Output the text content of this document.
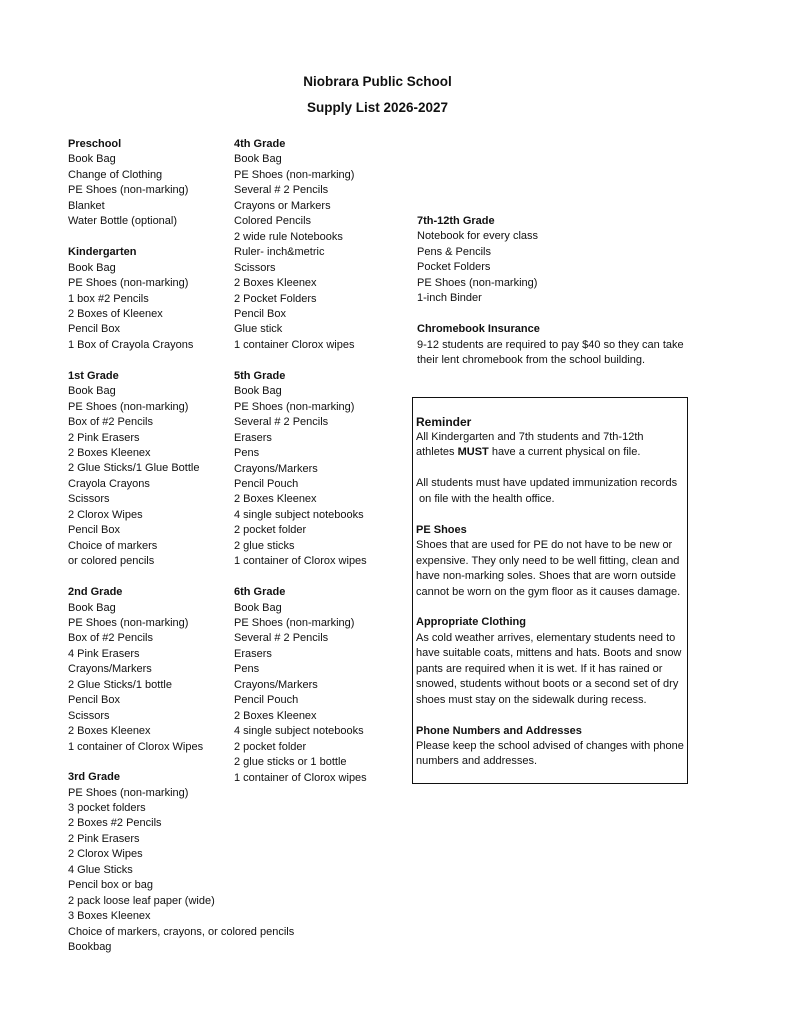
Niobrara Public School
Supply List 2026-2027
Preschool
Book Bag
Change of Clothing
PE Shoes (non-marking)
Blanket
Water Bottle (optional)
Kindergarten
Book Bag
PE Shoes (non-marking)
1 box #2 Pencils
2 Boxes of Kleenex
Pencil Box
1 Box of Crayola Crayons
1st Grade
Book Bag
PE Shoes (non-marking)
Box of #2 Pencils
2 Pink Erasers
2 Boxes Kleenex
2 Glue Sticks/1 Glue Bottle
Crayola Crayons
Scissors
2 Clorox Wipes
Pencil Box
Choice of markers
or colored pencils
2nd Grade
Book Bag
PE Shoes (non-marking)
Box of #2 Pencils
4 Pink Erasers
Crayons/Markers
2 Glue Sticks/1 bottle
Pencil Box
Scissors
2 Boxes Kleenex
1 container of Clorox Wipes
3rd Grade
PE Shoes (non-marking)
3 pocket folders
2 Boxes #2 Pencils
2 Pink Erasers
2 Clorox Wipes
4 Glue Sticks
Pencil box or bag
2 pack loose leaf paper (wide)
3 Boxes Kleenex
Choice of markers, crayons, or colored pencils
Bookbag
4th Grade
Book Bag
PE Shoes (non-marking)
Several # 2 Pencils
Crayons or Markers
Colored Pencils
2 wide rule Notebooks
Ruler- inch&metric
Scissors
2 Boxes Kleenex
2 Pocket Folders
Pencil Box
Glue stick
1 container Clorox wipes
5th Grade
Book Bag
PE Shoes (non-marking)
Several # 2 Pencils
Erasers
Pens
Crayons/Markers
Pencil Pouch
2 Boxes Kleenex
4 single subject notebooks
2 pocket folder
2 glue sticks
1 container of Clorox wipes
6th Grade
Book Bag
PE Shoes (non-marking)
Several # 2 Pencils
Erasers
Pens
Crayons/Markers
Pencil Pouch
2 Boxes Kleenex
4 single subject notebooks
2 pocket folder
2 glue sticks or 1 bottle
1 container of Clorox wipes
7th-12th Grade
Notebook for every class
Pens & Pencils
Pocket Folders
PE Shoes (non-marking)
1-inch Binder
Chromebook Insurance
9-12 students are required to pay $40 so they can take
their lent chromebook from the school building.
Reminder
All Kindergarten and 7th students and 7th-12th
athletes MUST have a current physical on file.
All students must have updated immunization records
on file with the health office.
PE Shoes
Shoes that are used for PE do not have to be new or
expensive. They only need to be well fitting, clean and
have non-marking soles. Shoes that are worn outside
cannot be worn on the gym floor as it causes damage.
Appropriate Clothing
As cold weather arrives, elementary students need to
have suitable coats, mittens and hats. Boots and snow
pants are required when it is wet. If it has rained or
snowed, students without boots or a second set of dry
shoes must stay on the sidewalk during recess.
Phone Numbers and Addresses
Please keep the school advised of changes with phone
numbers and addresses.
